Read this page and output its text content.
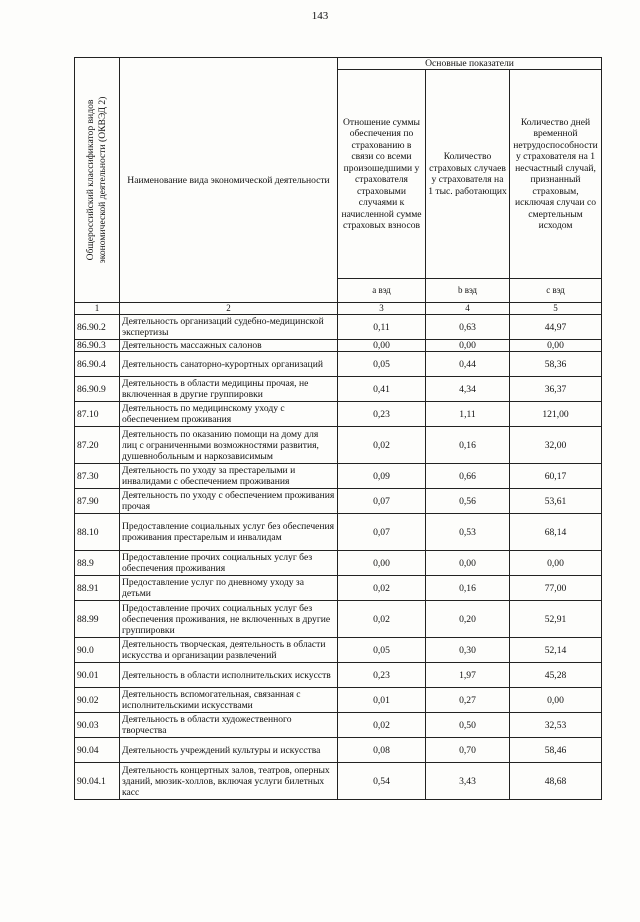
143
Общероссийский классификатор видов экономической деятельности (ОКВЭД 2)	Наименование вида экономической деятельности	Основные показатели		
		Отношение суммы обеспечения по страхованию в связи со всеми произошедшими у страхователя страховыми случаями к начисленной сумме страховых взносов	Количество страховых случаев у страхователя на 1 тыс. работающих	Количество дней временной нетрудоспособности у страхователя на 1 несчастный случай, признанный страховым, исключая случаи со смертельным исходом
		a вэд	b вэд	c вэд
1	2	3	4	5
86.90.2	Деятельность организаций судебно-медицинской экспертизы	0,11	0,63	44,97
86.90.3	Деятельность массажных салонов	0,00	0,00	0,00
86.90.4	Деятельность санаторно-курортных организаций	0,05	0,44	58,36
86.90.9	Деятельность в области медицины прочая, не включенная в другие группировки	0,41	4,34	36,37
87.10	Деятельность по медицинскому уходу с обеспечением проживания	0,23	1,11	121,00
87.20	Деятельность по оказанию помощи на дому для лиц с ограниченными возможностями развития, душевнобольным и наркозависимым	0,02	0,16	32,00
87.30	Деятельность по уходу за престарелыми и инвалидами с обеспечением проживания	0,09	0,66	60,17
87.90	Деятельность по уходу с обеспечением проживания прочая	0,07	0,56	53,61
88.10	Предоставление социальных услуг без обеспечения проживания престарелым и инвалидам	0,07	0,53	68,14
88.9	Предоставление прочих социальных услуг без обеспечения проживания	0,00	0,00	0,00
88.91	Предоставление услуг по дневному уходу за детьми	0,02	0,16	77,00
88.99	Предоставление прочих социальных услуг без обеспечения проживания, не включенных в другие группировки	0,02	0,20	52,91
90.0	Деятельность творческая, деятельность в области искусства и организации развлечений	0,05	0,30	52,14
90.01	Деятельность в области исполнительских искусств	0,23	1,97	45,28
90.02	Деятельность вспомогательная, связанная с исполнительскими искусствами	0,01	0,27	0,00
90.03	Деятельность в области художественного творчества	0,02	0,50	32,53
90.04	Деятельность учреждений культуры и искусства	0,08	0,70	58,46
90.04.1	Деятельность концертных залов, театров, оперных зданий, мюзик-холлов, включая услуги билетных касс	0,54	3,43	48,68
